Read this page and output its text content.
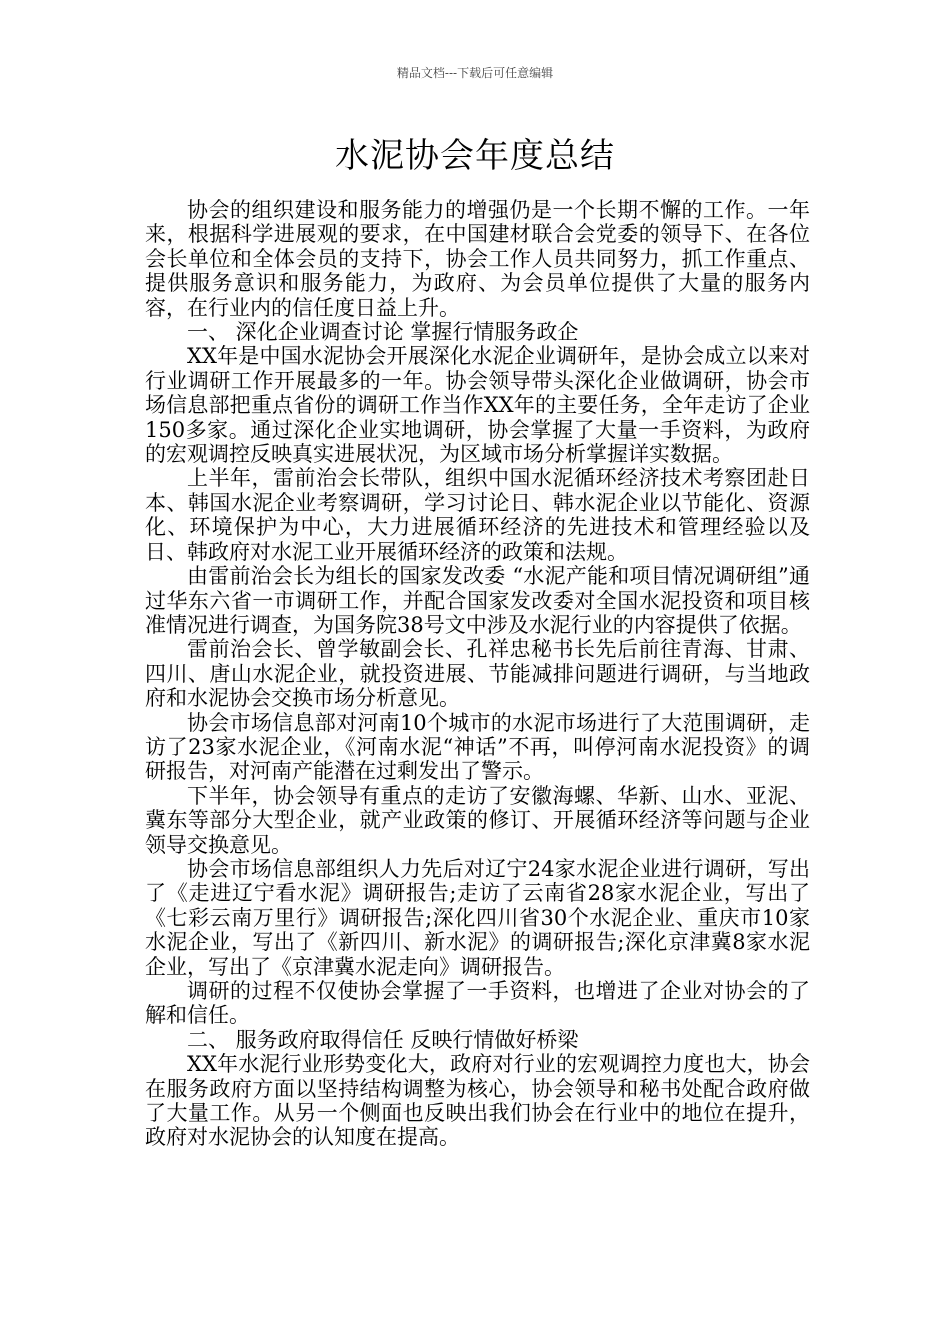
精品文档---下载后可任意编辑
水泥协会年度总结

协会的组织建设和服务能力的增强仍是一个长期不懈的工作。一年来，根据科学进展观的要求，在中国建材联合会党委的领导下、在各位会长单位和全体会员的支持下，协会工作人员共同努力，抓工作重点、提供服务意识和服务能力，为政府、为会员单位提供了大量的服务内容，在行业内的信任度日益上升。

一、 深化企业调查讨论 掌握行情服务政企

XX年是中国水泥协会开展深化水泥企业调研年，是协会成立以来对行业调研工作开展最多的一年。协会领导带头深化企业做调研，协会市场信息部把重点省份的调研工作当作XX年的主要任务，全年走访了企业150多家。通过深化企业实地调研，协会掌握了大量一手资料，为政府的宏观调控反映真实进展状况，为区域市场分析掌握详实数据。

上半年，雷前治会长带队，组织中国水泥循环经济技术考察团赴日本、韩国水泥企业考察调研，学习讨论日、韩水泥企业以节能化、资源化、环境保护为中心，大力进展循环经济的先进技术和管理经验以及日、韩政府对水泥工业开展循环经济的政策和法规。

由雷前治会长为组长的国家发改委 “水泥产能和项目情况调研组”通过华东六省一市调研工作，并配合国家发改委对全国水泥投资和项目核准情况进行调查，为国务院38号文中涉及水泥行业的内容提供了依据。

雷前治会长、曾学敏副会长、孔祥忠秘书长先后前往青海、甘肃、四川、唐山水泥企业，就投资进展、节能减排问题进行调研，与当地政府和水泥协会交换市场分析意见。

协会市场信息部对河南10个城市的水泥市场进行了大范围调研，走访了23家水泥企业，《河南水泥“神话”不再，叫停河南水泥投资》的调研报告，对河南产能潜在过剩发出了警示。

下半年，协会领导有重点的走访了安徽海螺、华新、山水、亚泥、冀东等部分大型企业，就产业政策的修订、开展循环经济等问题与企业领导交换意见。

协会市场信息部组织人力先后对辽宁24家水泥企业进行调研，写出了《走进辽宁看水泥》调研报告;走访了云南省28家水泥企业，写出了《七彩云南万里行》调研报告;深化四川省30个水泥企业、重庆市10家水泥企业，写出了《新四川、新水泥》的调研报告;深化京津冀8家水泥企业，写出了《京津冀水泥走向》调研报告。

调研的过程不仅使协会掌握了一手资料，也增进了企业对协会的了解和信任。

二、 服务政府取得信任 反映行情做好桥梁

XX年水泥行业形势变化大，政府对行业的宏观调控力度也大，协会在服务政府方面以坚持结构调整为核心，协会领导和秘书处配合政府做了大量工作。从另一个侧面也反映出我们协会在行业中的地位在提升，政府对水泥协会的认知度在提高。
